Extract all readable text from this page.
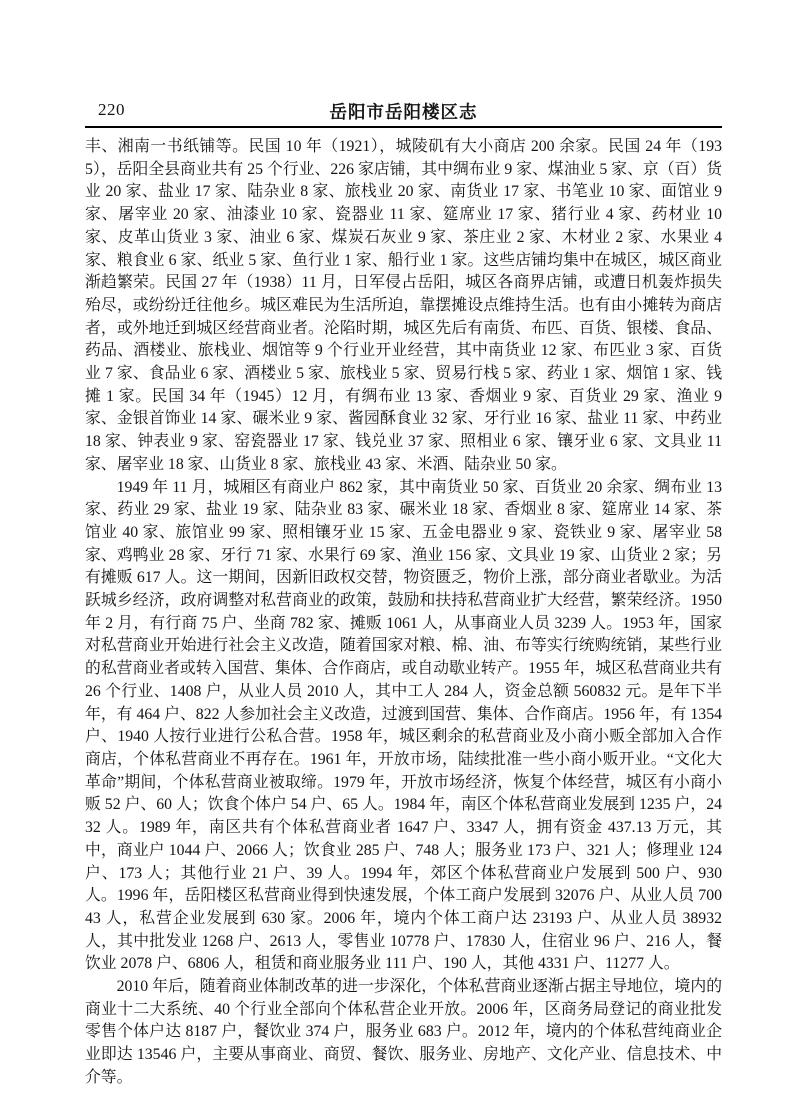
220	岳阳市岳阳楼区志

丰、湘南一书纸铺等。民国 10 年（1921），城陵矶有大小商店 200 余家。民国 24 年（1935），岳阳全县商业共有 25 个行业、226 家店铺，其中绸布业 9 家、煤油业 5 家、京（百）货业 20 家、盐业 17 家、陆杂业 8 家、旅栈业 20 家、南货业 17 家、书笔业 10 家、面馆业 9 家、屠宰业 20 家、油漆业 10 家、瓷器业 11 家、筵席业 17 家、猪行业 4 家、药材业 10 家、皮革山货业 3 家、油业 6 家、煤炭石灰业 9 家、茶庄业 2 家、木材业 2 家、水果业 4 家、粮食业 6 家、纸业 5 家、鱼行业 1 家、船行业 1 家。这些店铺均集中在城区，城区商业渐趋繁荣。民国 27 年（1938）11 月，日军侵占岳阳，城区各商界店铺，或遭日机轰炸损失殆尽，或纷纷迁往他乡。城区难民为生活所迫，靠摆摊设点维持生活。也有由小摊转为商店者，或外地迁到城区经营商业者。沦陷时期，城区先后有南货、布匹、百货、银楼、食品、药品、酒楼业、旅栈业、烟馆等 9 个行业开业经营，其中南货业 12 家、布匹业 3 家、百货业 7 家、食品业 6 家、酒楼业 5 家、旅栈业 5 家、贸易行栈 5 家、药业 1 家、烟馆 1 家、钱摊 1 家。民国 34 年（1945）12 月，有绸布业 13 家、香烟业 9 家、百货业 29 家、渔业 9 家、金银首饰业 14 家、碾米业 9 家、酱园酥食业 32 家、牙行业 16 家、盐业 11 家、中药业 18 家、钟表业 9 家、窑瓷器业 17 家、钱兑业 37 家、照相业 6 家、镶牙业 6 家、文具业 11 家、屠宰业 18 家、山货业 8 家、旅栈业 43 家、米酒、陆杂业 50 家。

1949 年 11 月，城厢区有商业户 862 家，其中南货业 50 家、百货业 20 余家、绸布业 13 家、药业 29 家、盐业 19 家、陆杂业 83 家、碾米业 18 家、香烟业 8 家、筵席业 14 家、茶馆业 40 家、旅馆业 99 家、照相镶牙业 15 家、五金电器业 9 家、瓷铁业 9 家、屠宰业 58 家、鸡鸭业 28 家、牙行 71 家、水果行 69 家、渔业 156 家、文具业 19 家、山货业 2 家；另有摊贩 617 人。这一期间，因新旧政权交替，物资匮乏，物价上涨，部分商业者歇业。为活跃城乡经济，政府调整对私营商业的政策，鼓励和扶持私营商业扩大经营，繁荣经济。1950 年 2 月，有行商 75 户、坐商 782 家、摊贩 1061 人，从事商业人员 3239 人。1953 年，国家对私营商业开始进行社会主义改造，随着国家对粮、棉、油、布等实行统购统销，某些行业的私营商业者或转入国营、集体、合作商店，或自动歇业转产。1955 年，城区私营商业共有 26 个行业、1408 户，从业人员 2010 人，其中工人 284 人，资金总额 560832 元。是年下半年，有 464 户、822 人参加社会主义改造，过渡到国营、集体、合作商店。1956 年，有 1354 户、1940 人按行业进行公私合营。1958 年，城区剩余的私营商业及小商小贩全部加入合作商店，个体私营商业不再存在。1961 年，开放市场，陆续批准一些小商小贩开业。“文化大革命”期间，个体私营商业被取缔。1979 年，开放市场经济，恢复个体经营，城区有小商小贩 52 户、60 人；饮食个体户 54 户、65 人。1984 年，南区个体私营商业发展到 1235 户，2432 人。1989 年，南区共有个体私营商业者 1647 户、3347 人，拥有资金 437.13 万元，其中，商业户 1044 户、2066 人；饮食业 285 户、748 人；服务业 173 户、321 人；修理业 124 户、173 人；其他行业 21 户、39 人。1994 年，郊区个体私营商业户发展到 500 户、930 人。1996 年，岳阳楼区私营商业得到快速发展，个体工商户发展到 32076 户、从业人员 70043 人，私营企业发展到 630 家。2006 年，境内个体工商户达 23193 户、从业人员 38932 人，其中批发业 1268 户、2613 人，零售业 10778 户、17830 人，住宿业 96 户、216 人，餐饮业 2078 户、6806 人，租赁和商业服务业 111 户、190 人，其他 4331 户、11277 人。

2010 年后，随着商业体制改革的进一步深化，个体私营商业逐渐占据主导地位，境内的商业十二大系统、40 个行业全部向个体私营企业开放。2006 年，区商务局登记的商业批发零售个体户达 8187 户，餐饮业 374 户，服务业 683 户。2012 年，境内的个体私营纯商业企业即达 13546 户，主要从事商业、商贸、餐饮、服务业、房地产、文化产业、信息技术、中介等。
